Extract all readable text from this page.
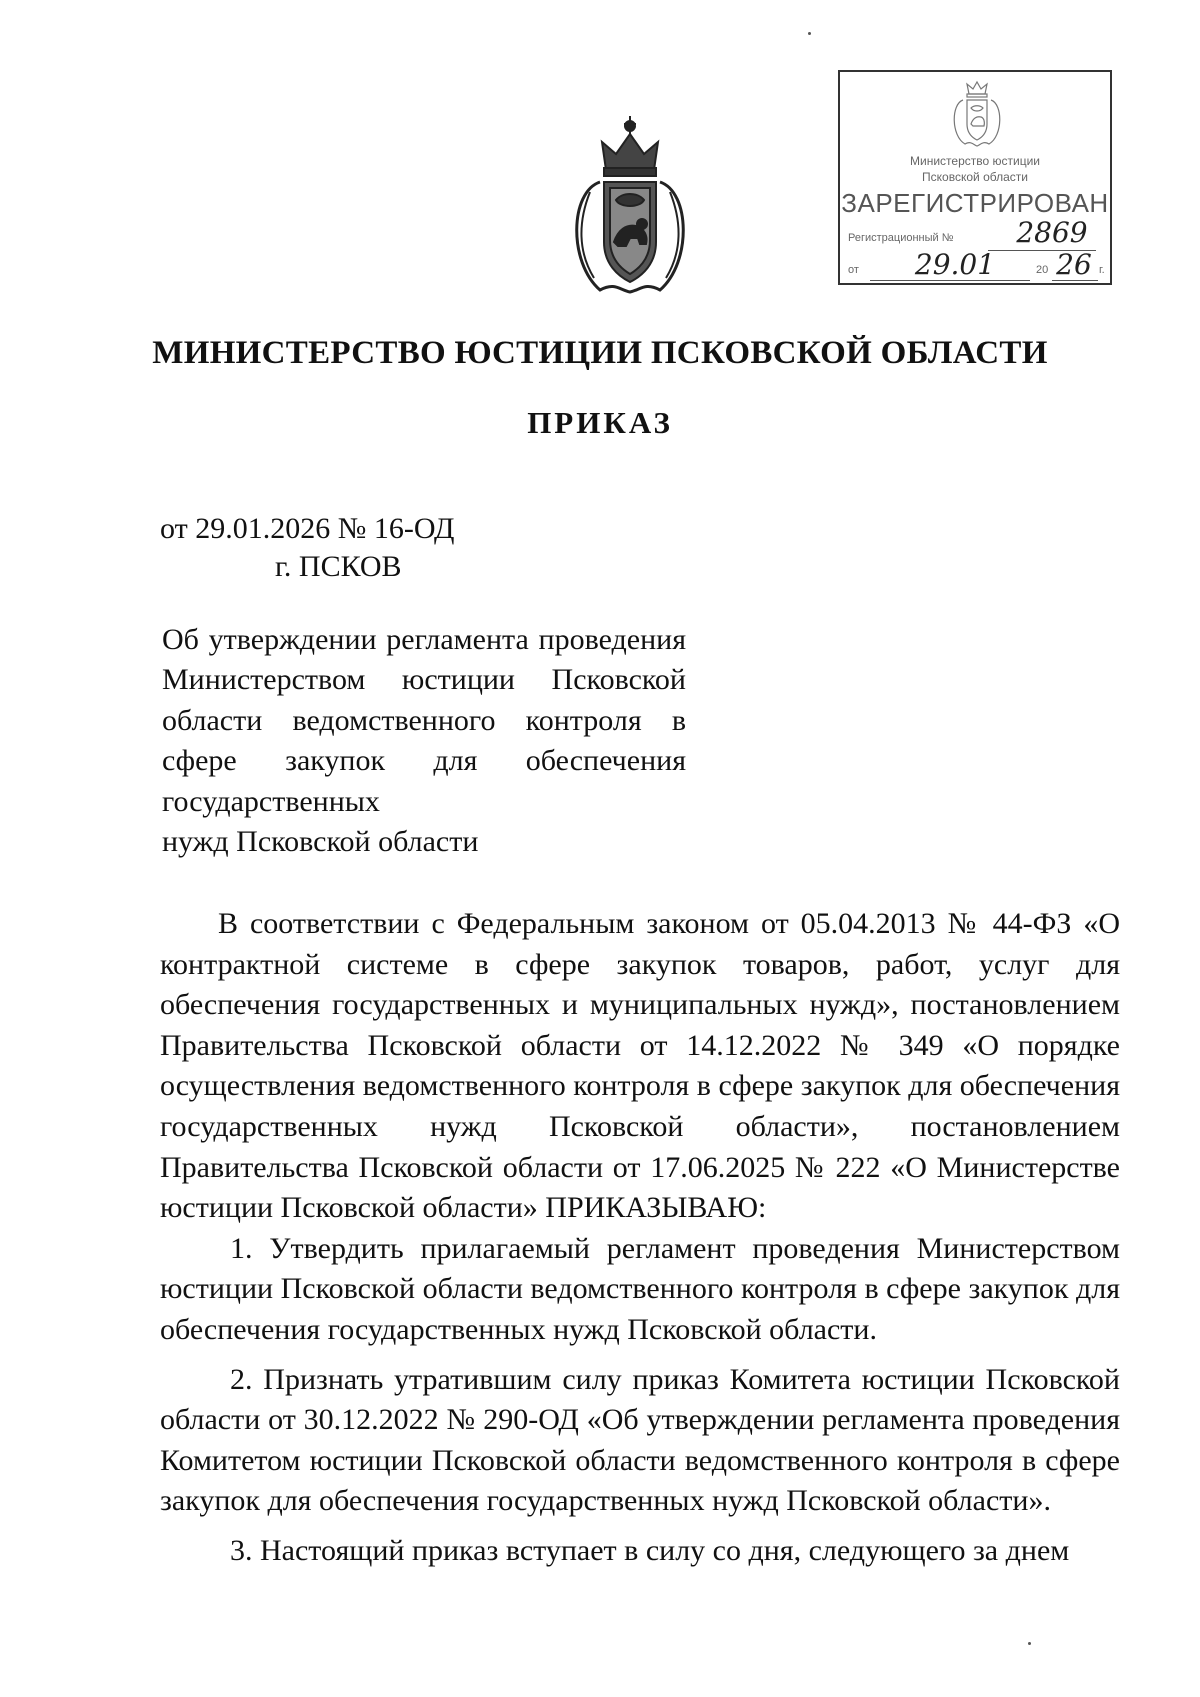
Министерство юстиции
Псковской области
ЗАРЕГИСТРИРОВАН
Регистрационный №	2869
от	29.01	20 26 г.
МИНИСТЕРСТВО ЮСТИЦИИ ПСКОВСКОЙ ОБЛАСТИ
ПРИКАЗ
от 29.01.2026 № 16-ОД
г. ПСКОВ
Об утверждении регламента проведения Министерством юстиции Псковской области ведомственного контроля в сфере закупок для обеспечения государственных
нужд Псковской области

В соответствии с Федеральным законом от 05.04.2013 № 44-ФЗ «О контрактной системе в сфере закупок товаров, работ, услуг для обеспечения государственных и муниципальных нужд», постановлением Правительства Псковской области от 14.12.2022 № 349 «О порядке осуществления ведомственного контроля в сфере закупок для обеспечения государственных нужд Псковской области», постановлением Правительства Псковской области от 17.06.2025 № 222 «О Министерстве юстиции Псковской области» ПРИКАЗЫВАЮ:

1. Утвердить прилагаемый регламент проведения Министерством юстиции Псковской области ведомственного контроля в сфере закупок для обеспечения государственных нужд Псковской области.

2. Признать утратившим силу приказ Комитета юстиции Псковской области от 30.12.2022 № 290-ОД «Об утверждении регламента проведения Комитетом юстиции Псковской области ведомственного контроля в сфере закупок для обеспечения государственных нужд Псковской области».

3. Настоящий приказ вступает в силу со дня, следующего за днем
